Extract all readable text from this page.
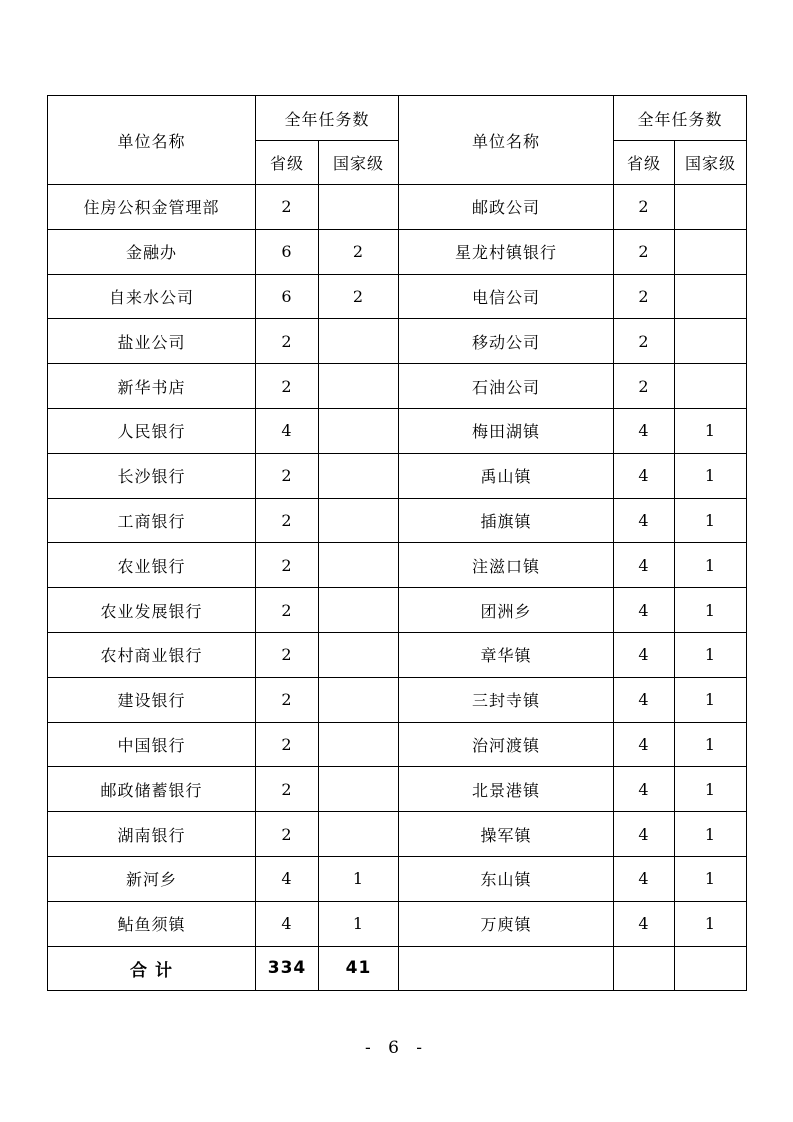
单位名称	全年任务数		单位名称	全年任务数	
	省级	国家级		省级	国家级
住房公积金管理部	2		邮政公司	2	
金融办	6	2	星龙村镇银行	2	
自来水公司	6	2	电信公司	2	
盐业公司	2		移动公司	2	
新华书店	2		石油公司	2	
人民银行	4		梅田湖镇	4	1
长沙银行	2		禹山镇	4	1
工商银行	2		插旗镇	4	1
农业银行	2		注滋口镇	4	1
农业发展银行	2		团洲乡	4	1
农村商业银行	2		章华镇	4	1
建设银行	2		三封寺镇	4	1
中国银行	2		治河渡镇	4	1
邮政储蓄银行	2		北景港镇	4	1
湖南银行	2		操军镇	4	1
新河乡	4	1	东山镇	4	1
鲇鱼须镇	4	1	万庾镇	4	1
合 计	334	41			
- 6 -
